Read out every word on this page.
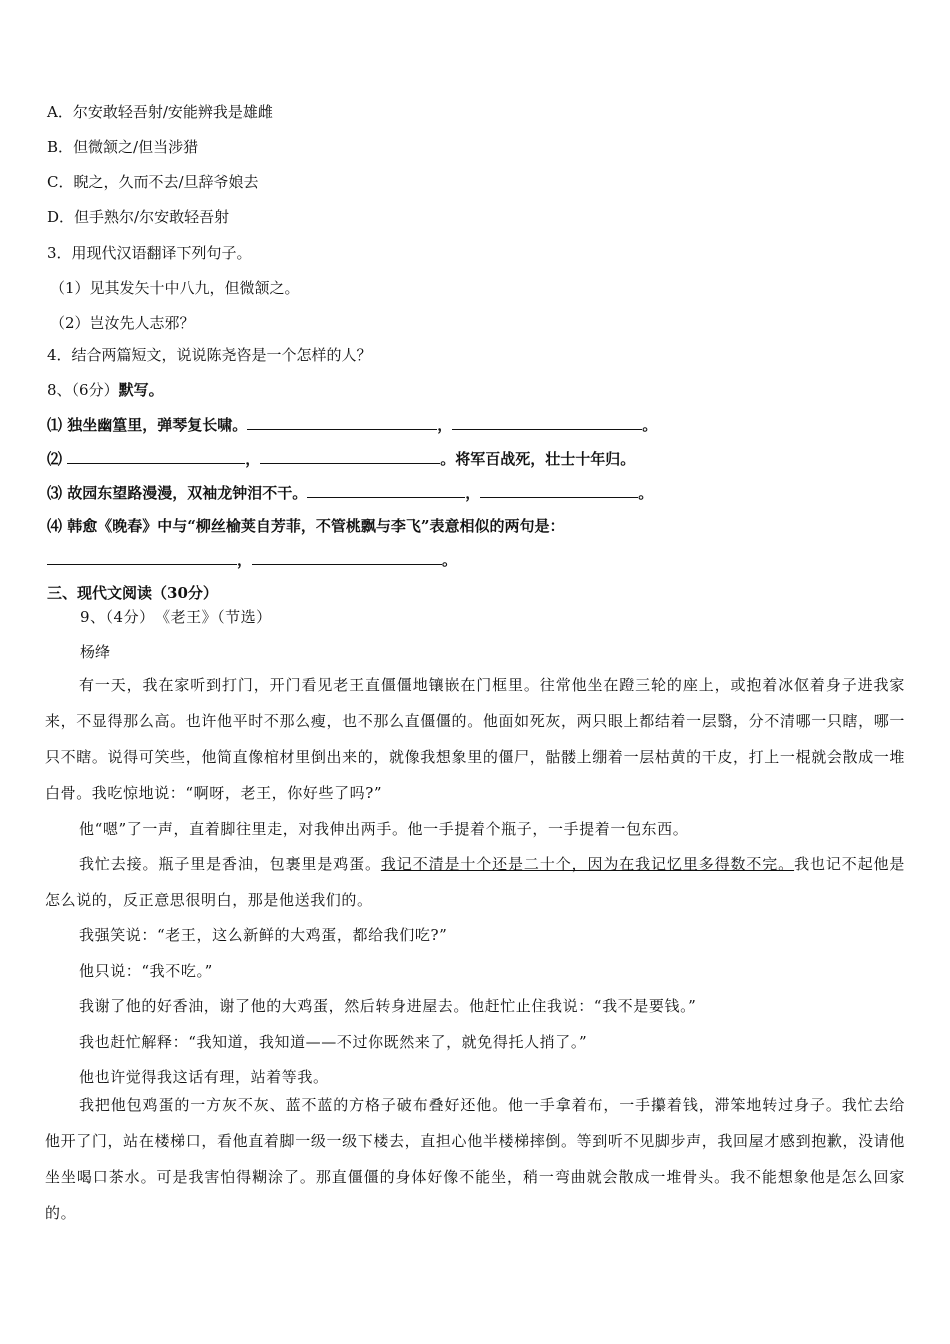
A．尔安敢轻吾射/安能辨我是雄雌
B．但微颔之/但当涉猎
C．睨之，久而不去/旦辞爷娘去
D．但手熟尔/尔安敢轻吾射
3．用现代汉语翻译下列句子。
（1）见其发矢十中八九，但微颔之。
（2）岂汝先人志邪？
4．结合两篇短文，说说陈尧咨是一个怎样的人？
8、（6分）默写。
⑴ 独坐幽篁里，弹琴复长啸。	，	。
⑵	，	。将军百战死，壮士十年归。
⑶ 故园东望路漫漫，双袖龙钟泪不干。	，	。
⑷ 韩愈《晚春》中与“柳丝榆荚自芳菲，不管桃飘与李飞”表意相似的两句是：
，	。
三、现代文阅读（30分）
9、（4分）　《老王》（节选）
杨绛

有一天，我在家听到打门，开门看见老王直僵僵地镶嵌在门框里。往常他坐在蹬三轮的座上，或抱着冰伛着身子进我家来，不显得那么高。也许他平时不那么瘦，也不那么直僵僵的。他面如死灰，两只眼上都结着一层翳，分不清哪一只瞎，哪一只不瞎。说得可笑些，他简直像棺材里倒出来的，就像我想象里的僵尸，骷髅上绷着一层枯黄的干皮，打上一棍就会散成一堆白骨。我吃惊地说：“啊呀，老王，你好些了吗?”

他“嗯”了一声，直着脚往里走，对我伸出两手。他一手提着个瓶子，一手提着一包东西。

我忙去接。瓶子里是香油，包裹里是鸡蛋。我记不清是十个还是二十个，因为在我记忆里多得数不完。我也记不起他是怎么说的，反正意思很明白，那是他送我们的。

我强笑说：“老王，这么新鲜的大鸡蛋，都给我们吃?”

他只说：“我不吃。”

我谢了他的好香油，谢了他的大鸡蛋，然后转身进屋去。他赶忙止住我说：“我不是要钱。”

我也赶忙解释：“我知道，我知道——不过你既然来了，就免得托人捎了。”

他也许觉得我这话有理，站着等我。

我把他包鸡蛋的一方灰不灰、蓝不蓝的方格子破布叠好还他。他一手拿着布，一手攥着钱，滞笨地转过身子。我忙去给他开了门，站在楼梯口，看他直着脚一级一级下楼去，直担心他半楼梯摔倒。等到听不见脚步声，我回屋才感到抱歉，没请他坐坐喝口茶水。可是我害怕得糊涂了。那直僵僵的身体好像不能坐，稍一弯曲就会散成一堆骨头。我不能想象他是怎么回家的。
